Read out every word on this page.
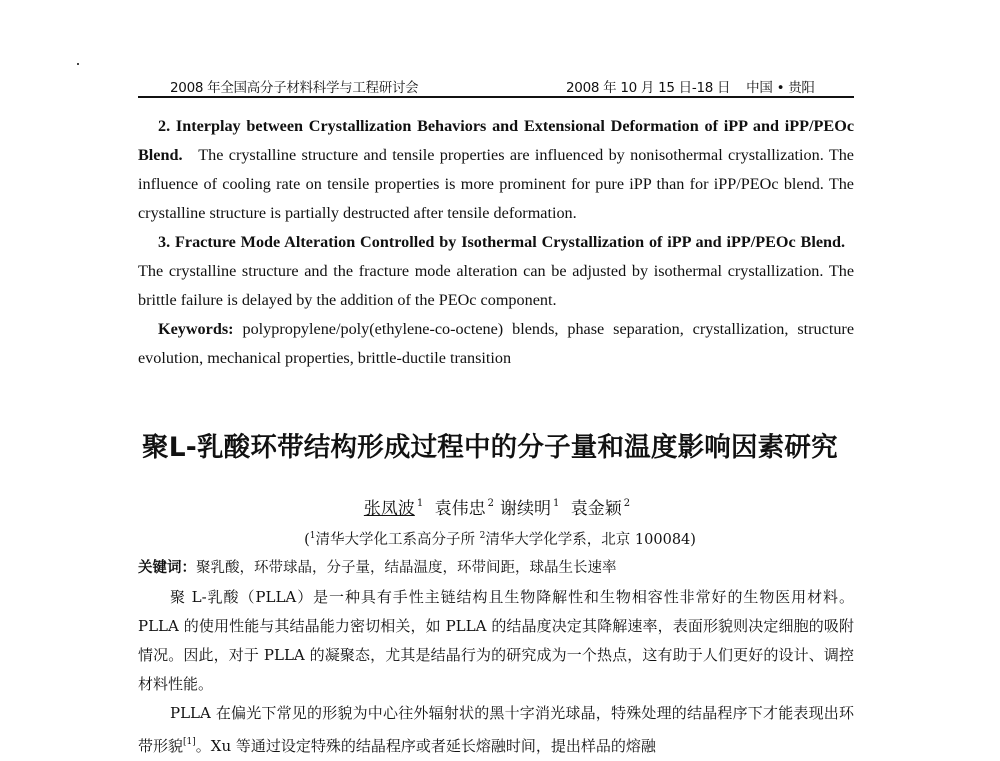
2008 年全国高分子材料科学与工程研讨会	2008 年 10 月 15 日-18 日    中国 • 贵阳

2. Interplay between Crystallization Behaviors and Extensional Deformation of iPP and iPP/PEOc Blend. The crystalline structure and tensile properties are influenced by nonisothermal crystallization. The influence of cooling rate on tensile properties is more prominent for pure iPP than for iPP/PEOc blend. The crystalline structure is partially destructed after tensile deformation.

3. Fracture Mode Alteration Controlled by Isothermal Crystallization of iPP and iPP/PEOc Blend.   The crystalline structure and the fracture mode alteration can be adjusted by isothermal crystallization. The brittle failure is delayed by the addition of the PEOc component.

Keywords: polypropylene/poly(ethylene-co-octene) blends, phase separation, crystallization, structure evolution, mechanical properties, brittle-ductile transition

聚L-乳酸环带结构形成过程中的分子量和温度影响因素研究
张凤波 $^1$ 袁伟忠 $^2$ 谢续明 $^1$ 袁金颖 $^2$
($^1$清华大学化工系高分子所 $^2$清华大学化学系，北京 100084)
关键词：聚乳酸，环带球晶，分子量，结晶温度，环带间距，球晶生长速率

聚 L-乳酸（PLLA）是一种具有手性主链结构且生物降解性和生物相容性非常好的生物医用材料。PLLA 的使用性能与其结晶能力密切相关，如 PLLA 的结晶度决定其降解速率，表面形貌则决定细胞的吸附情况。因此，对于 PLLA 的凝聚态，尤其是结晶行为的研究成为一个热点，这有助于人们更好的设计、调控材料性能。

PLLA 在偏光下常见的形貌为中心往外辐射状的黑十字消光球晶，特殊处理的结晶程序下才能表现出环带形貌[1]。Xu 等通过设定特殊的结晶程序或者延长熔融时间，提出样品的熔融
